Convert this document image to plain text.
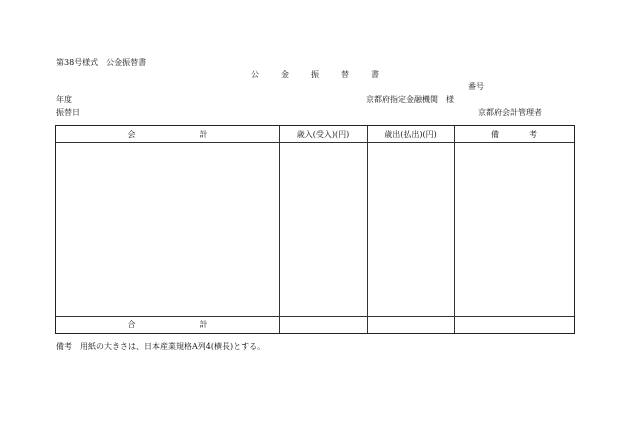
第38号様式　公金振替書
公金振替書
番号
年度	京都府指定金融機関　様
振替日	京都府会計管理者
会計	歳入(受入)(円)	歳出(払出)(円)	備考
合計
備考　用紙の大きさは、日本産業規格A列4(横長)とする。
